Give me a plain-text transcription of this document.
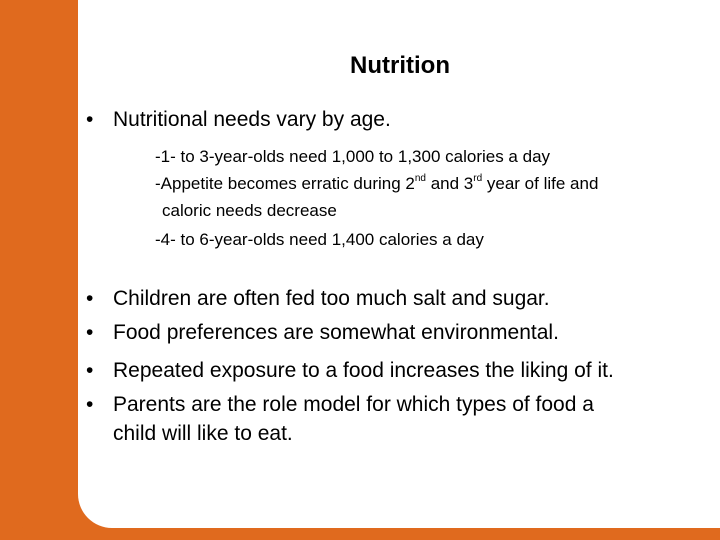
Nutrition
• Nutritional needs vary by age.
-1- to 3-year-olds need 1,000 to 1,300 calories a day
-Appetite becomes erratic during 2nd and 3rd year of life and
caloric needs decrease
-4- to 6-year-olds need 1,400 calories a day
• Children are often fed too much salt and sugar.
• Food preferences are somewhat environmental.
• Repeated exposure to a food increases the liking of it.
• Parents are the role model for which types of food a
child will like to eat.
